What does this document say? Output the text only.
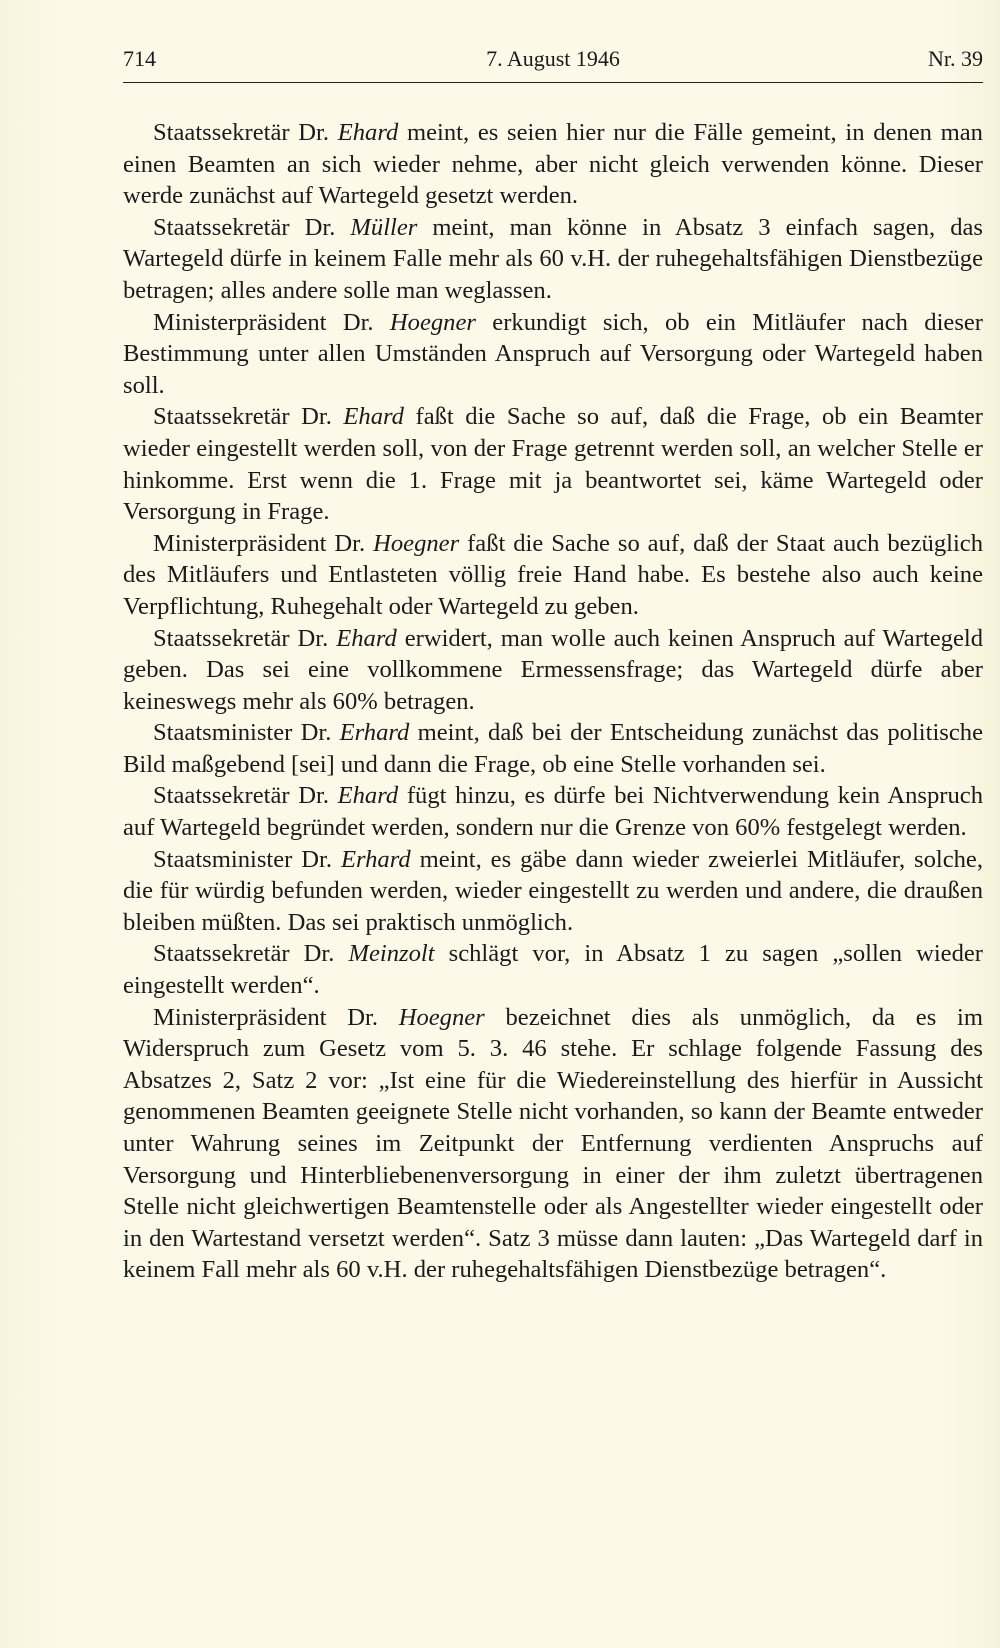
714	7. August 1946	Nr. 39

Staatssekretär Dr. Ehard meint, es seien hier nur die Fälle gemeint, in denen man einen Beamten an sich wieder nehme, aber nicht gleich verwenden könne. Dieser werde zunächst auf Wartegeld gesetzt werden.

Staatssekretär Dr. Müller meint, man könne in Absatz 3 einfach sagen, das Wartegeld dürfe in keinem Falle mehr als 60 v.H. der ruhegehaltsfähigen Dienstbezüge betragen; alles andere solle man weglassen.

Ministerpräsident Dr. Hoegner erkundigt sich, ob ein Mitläufer nach dieser Bestimmung unter allen Umständen Anspruch auf Versorgung oder Wartegeld haben soll.

Staatssekretär Dr. Ehard faßt die Sache so auf, daß die Frage, ob ein Beamter wieder eingestellt werden soll, von der Frage getrennt werden soll, an welcher Stelle er hinkomme. Erst wenn die 1. Frage mit ja beantwortet sei, käme Wartegeld oder Versorgung in Frage.

Ministerpräsident Dr. Hoegner faßt die Sache so auf, daß der Staat auch bezüglich des Mitläufers und Entlasteten völlig freie Hand habe. Es bestehe also auch keine Verpflichtung, Ruhegehalt oder Wartegeld zu geben.

Staatssekretär Dr. Ehard erwidert, man wolle auch keinen Anspruch auf Wartegeld geben. Das sei eine vollkommene Ermessensfrage; das Wartegeld dürfe aber keineswegs mehr als 60% betragen.

Staatsminister Dr. Erhard meint, daß bei der Entscheidung zunächst das politische Bild maßgebend [sei] und dann die Frage, ob eine Stelle vorhanden sei.

Staatssekretär Dr. Ehard fügt hinzu, es dürfe bei Nichtverwendung kein Anspruch auf Wartegeld begründet werden, sondern nur die Grenze von 60% festgelegt werden.

Staatsminister Dr. Erhard meint, es gäbe dann wieder zweierlei Mitläufer, solche, die für würdig befunden werden, wieder eingestellt zu werden und andere, die draußen bleiben müßten. Das sei praktisch unmöglich.

Staatssekretär Dr. Meinzolt schlägt vor, in Absatz 1 zu sagen „sollen wieder eingestellt werden“.

Ministerpräsident Dr. Hoegner bezeichnet dies als unmöglich, da es im Widerspruch zum Gesetz vom 5. 3. 46 stehe. Er schlage folgende Fassung des Absatzes 2, Satz 2 vor: „Ist eine für die Wiedereinstellung des hierfür in Aussicht genommenen Beamten geeignete Stelle nicht vorhanden, so kann der Beamte entweder unter Wahrung seines im Zeitpunkt der Entfernung verdienten Anspruchs auf Versorgung und Hinterbliebenenversorgung in einer der ihm zuletzt übertragenen Stelle nicht gleichwertigen Beamtenstelle oder als Angestellter wieder eingestellt oder in den Wartestand versetzt werden“. Satz 3 müsse dann lauten: „Das Wartegeld darf in keinem Fall mehr als 60 v.H. der ruhegehaltsfähigen Dienstbezüge betragen“.
